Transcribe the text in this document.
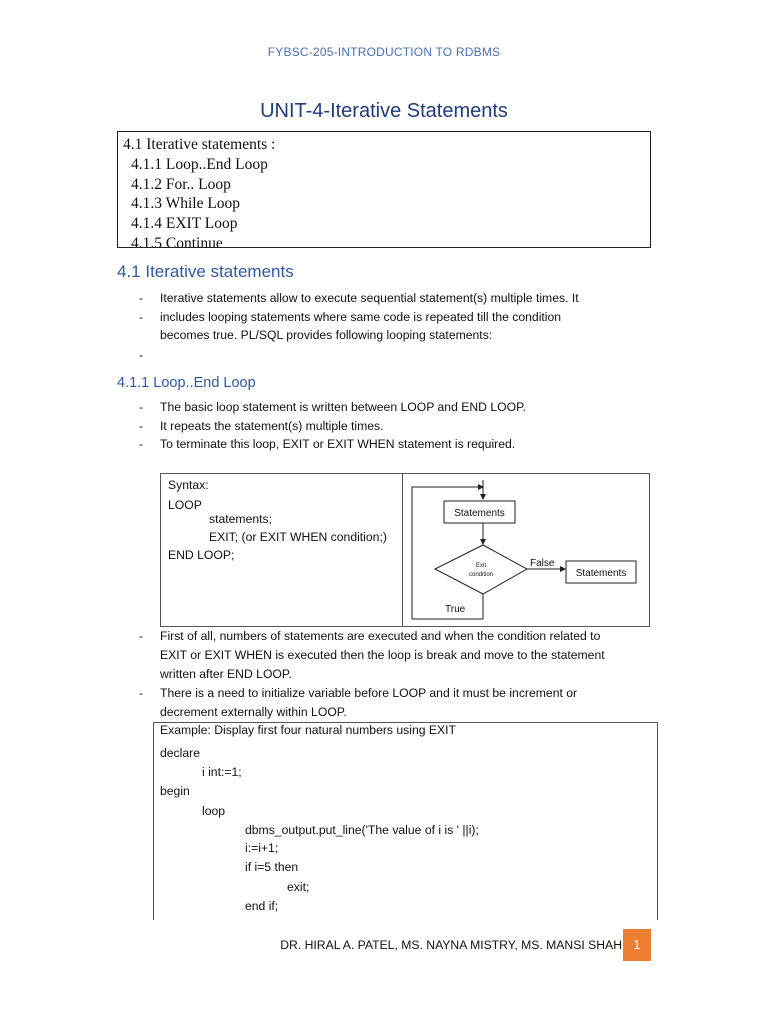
FYBSC-205-INTRODUCTION TO RDBMS
UNIT-4-Iterative Statements
4.1 Iterative statements :
4.1.1 Loop..End Loop
4.1.2 For.. Loop
4.1.3 While Loop
4.1.4 EXIT Loop
4.1.5 Continue
4.1 Iterative statements
- Iterative statements allow to execute sequential statement(s) multiple times. It
- includes looping statements where same code is repeated till the condition
becomes true. PL/SQL provides following looping statements:
-
4.1.1 Loop..End Loop
- The basic loop statement is written between LOOP and END LOOP.
- It repeats the statement(s) multiple times.
- To terminate this loop, EXIT or EXIT WHEN statement is required.
Syntax:
LOOP
statements;
EXIT; (or EXIT WHEN condition;)
END LOOP;
Statements
Exit
condition
False
Statements
True
- First of all, numbers of statements are executed and when the condition related to
EXIT or EXIT WHEN is executed then the loop is break and move to the statement
written after END LOOP.
- There is a need to initialize variable before LOOP and it must be increment or
decrement externally within LOOP.
Example: Display first four natural numbers using EXIT
declare
i int:=1;
begin
loop
dbms_output.put_line('The value of i is ' ||i);
i:=i+1;
if i=5 then
exit;
end if;
DR. HIRAL A. PATEL, MS. NAYNA MISTRY, MS. MANSI SHAH 1
